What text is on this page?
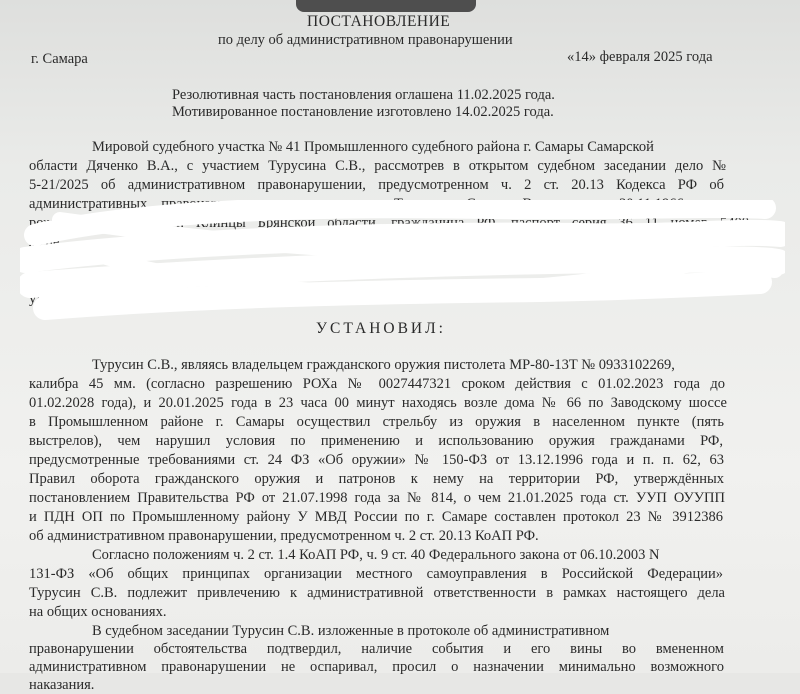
ПОСТАНОВЛЕНИЕ
по делу об административном правонарушении
г. Самара	«14» февраля 2025 года
Резолютивная часть постановления оглашена 11.02.2025 года.
Мотивированное постановление изготовлено 14.02.2025 года.
Мировой судебного участка № 41 Промышленного судебного района г. Самары Самарской
области Дяченко В.А., с участием Турусина С.В., рассмотрев в открытом судебном заседании дело №
5-21/2025 об административном правонарушении, предусмотренном ч. 2 ст. 20.13 Кодекса РФ об
административных правонарушениях, в отношении Турусина Сергея Васильевича, 30.11.1966 года
рождения, уроженца г. Клинцы Брянской области, гражданина РФ, паспорт серия 36 11 номер 5408
жене
осу
Самар
ул. М
УСТАНОВИЛ:
Турусин С.В., являясь владельцем гражданского оружия пистолета МР-80-13Т № 0933102269,
калибра 45 мм. (согласно разрешению РОХа № 0027447321 сроком действия с 01.02.2023 года до
01.02.2028 года), и 20.01.2025 года в 23 часа 00 минут находясь возле дома № 66 по Заводскому шоссе
в Промышленном районе г. Самары осуществил стрельбу из оружия в населенном пункте (пять
выстрелов), чем нарушил условия по применению и использованию оружия гражданами РФ,
предусмотренные требованиями ст. 24 ФЗ «Об оружии» № 150-ФЗ от 13.12.1996 года и п. п. 62, 63
Правил оборота гражданского оружия и патронов к нему на территории РФ, утверждённых
постановлением Правительства РФ от 21.07.1998 года за № 814, о чем 21.01.2025 года ст. УУП ОУУПП
и ПДН ОП по Промышленному району У МВД России по г. Самаре составлен протокол 23 № 3912386
об административном правонарушении, предусмотренном ч. 2 ст. 20.13 КоАП РФ.
Согласно положениям ч. 2 ст. 1.4 КоАП РФ, ч. 9 ст. 40 Федерального закона от 06.10.2003 N
131-ФЗ «Об общих принципах организации местного самоуправления в Российской Федерации»
Турусин С.В. подлежит привлечению к административной ответственности в рамках настоящего дела
на общих основаниях.
В судебном заседании Турусин С.В. изложенные в протоколе об административном
правонарушении обстоятельства подтвердил, наличие события и его вины во вмененном
административном правонарушении не оспаривал, просил о назначении минимально возможного
наказания.
